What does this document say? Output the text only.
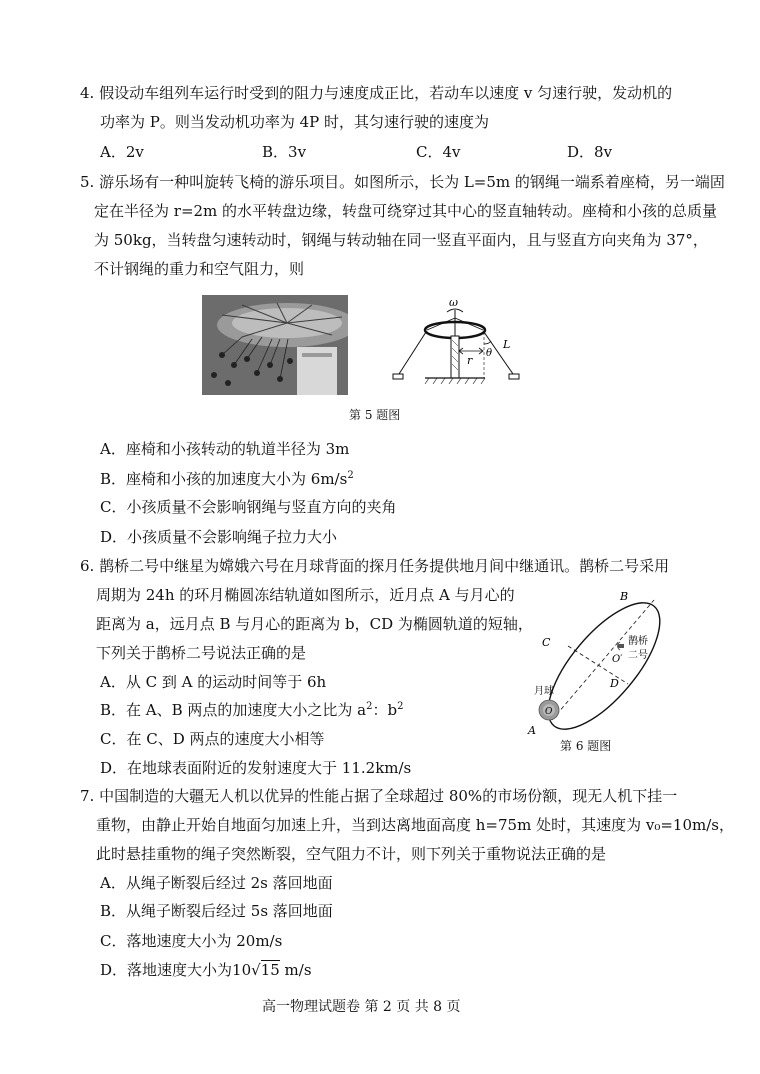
4. 假设动车组列车运行时受到的阻力与速度成正比，若动车以速度 v 匀速行驶，发动机的
功率为 P。则当发动机功率为 4P 时，其匀速行驶的速度为
A．2v	B．3v	C．4v	D．8v
5. 游乐场有一种叫旋转飞椅的游乐项目。如图所示，长为 L=5m 的钢绳一端系着座椅，另一端固
定在半径为 r=2m 的水平转盘边缘，转盘可绕穿过其中心的竖直轴转动。座椅和小孩的总质量
为 50kg，当转盘匀速转动时，钢绳与转动轴在同一竖直平面内，且与竖直方向夹角为 37°，
不计钢绳的重力和空气阻力，则
ω
r
θ
L
第 5 题图
A．座椅和小孩转动的轨道半径为 3m
B．座椅和小孩的加速度大小为 $6m/s^2$
C．小孩质量不会影响钢绳与竖直方向的夹角
D．小孩质量不会影响绳子拉力大小
6. 鹊桥二号中继星为嫦娥六号在月球背面的探月任务提供地月间中继通讯。鹊桥二号采用
周期为 24h 的环月椭圆冻结轨道如图所示，近月点 A 与月心的
距离为 a，远月点 B 与月心的距离为 b，CD 为椭圆轨道的短轴，
下列关于鹊桥二号说法正确的是
A．从 C 到 A 的运动时间等于 6h
B．在 A、B 两点的加速度大小之比为 $a^2$：$b^2$
C．在 C、D 两点的速度大小相等
D．在地球表面附近的发射速度大于 11.2km/s
B
C
D
A
O′
O
月球
鹊桥
二号
第 6 题图
7. 中国制造的大疆无人机以优异的性能占据了全球超过 80%的市场份额，现无人机下挂一
重物，由静止开始自地面匀加速上升，当到达离地面高度 h=75m 处时，其速度为 v₀=10m/s，
此时悬挂重物的绳子突然断裂，空气阻力不计，则下列关于重物说法正确的是
A．从绳子断裂后经过 2s 落回地面
B．从绳子断裂后经过 5s 落回地面
C．落地速度大小为 20m/s
D．落地速度大小为10√15 m/s
高一物理试题卷 第 2 页 共 8 页
